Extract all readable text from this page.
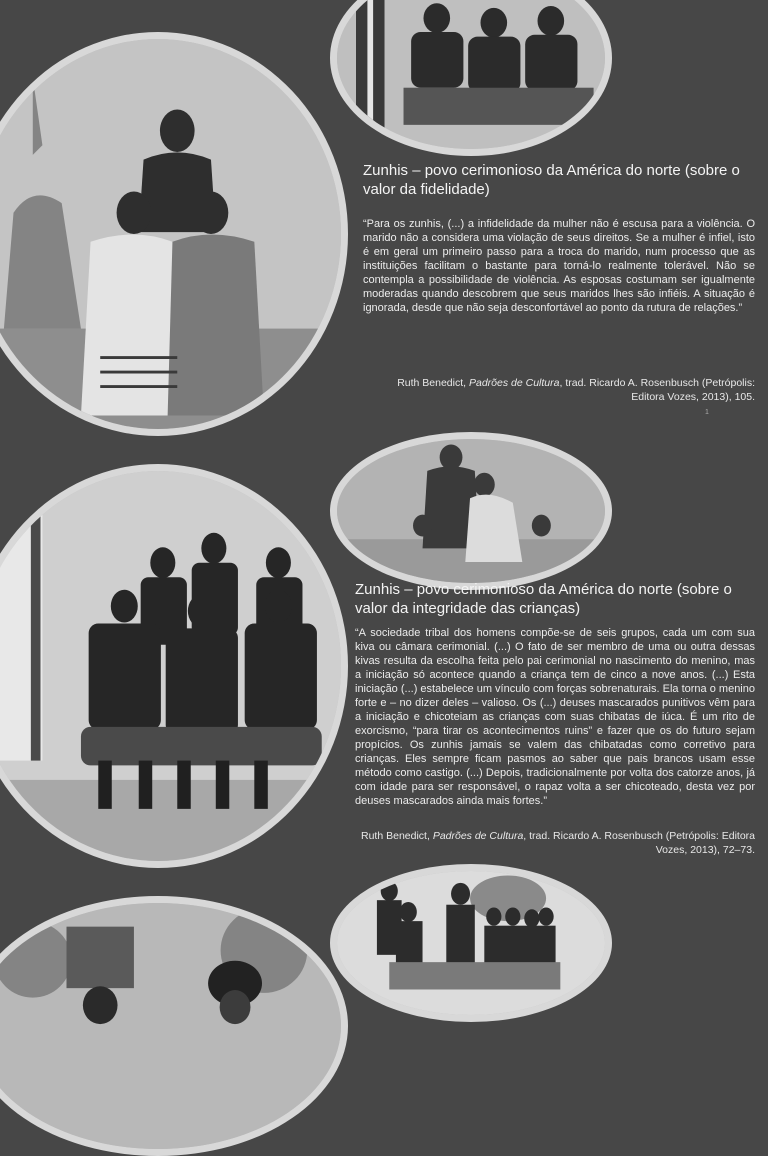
Zunhis – povo cerimonioso da América do norte (sobre o valor da fidelidade)

“Para os zunhis, (...) a infidelidade da mulher não é escusa para a violência. O marido não a considera uma violação de seus direitos. Se a mulher é infiel, isto é em geral um primeiro passo para a troca do marido, num processo que as instituições facilitam o bastante para torná-lo realmente tolerável. Não se contempla a possibilidade de violência. As esposas costumam ser igualmente moderadas quando descobrem que seus maridos lhes são infiéis. A situação é ignorada, desde que não seja desconfortável ao ponto da rutura de relações.”

Ruth Benedict, Padrões de Cultura, trad. Ricardo A. Rosenbusch (Petrópolis: Editora Vozes, 2013), 105.

1
Zunhis – povo cerimonioso da América do norte (sobre o valor da integridade das crianças)

“A sociedade tribal dos homens compõe-se de seis grupos, cada um com sua kiva ou câmara cerimonial. (...) O fato de ser membro de uma ou outra dessas kivas resulta da escolha feita pelo pai cerimonial no nascimento do menino, mas a iniciação só acontece quando a criança tem de cinco a nove anos. (...) Esta iniciação (...) estabelece um vínculo com forças sobrenaturais. Ela torna o menino forte e – no dizer deles – valioso. Os (...) deuses mascarados punitivos vêm para a iniciação e chicoteiam as crianças com suas chibatas de iúca. É um rito de exorcismo, “para tirar os acontecimentos ruins” e fazer que os do futuro sejam propícios. Os zunhis jamais se valem das chibatadas como corretivo para crianças. Eles sempre ficam pasmos ao saber que pais brancos usam esse método como castigo. (...) Depois, tradicionalmente por volta dos catorze anos, já com idade para ser responsável, o rapaz volta a ser chicoteado, desta vez por deuses mascarados ainda mais fortes.”

Ruth Benedict, Padrões de Cultura, trad. Ricardo A. Rosenbusch (Petrópolis: Editora Vozes, 2013), 72–73.
